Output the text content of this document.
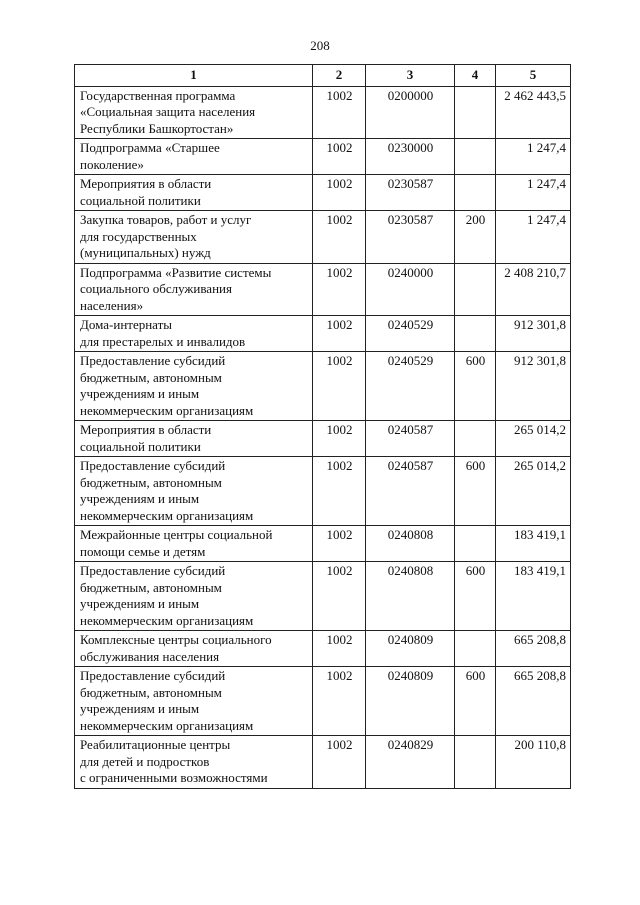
208
1	2	3	4	5

Государственная программа
«Социальная защита населения
Республики Башкортостан»	1002	0200000		2 462 443,5

Подпрограмма «Старшее
поколение»	1002	0230000		1 247,4

Мероприятия в области
социальной политики	1002	0230587		1 247,4

Закупка товаров, работ и услуг
для государственных
(муниципальных) нужд	1002	0230587	200	1 247,4

Подпрограмма «Развитие системы
социального обслуживания
населения»	1002	0240000		2 408 210,7

Дома-интернаты
для престарелых и инвалидов	1002	0240529		912 301,8

Предоставление субсидий
бюджетным, автономным
учреждениям и иным
некоммерческим организациям	1002	0240529	600	912 301,8

Мероприятия в области
социальной политики	1002	0240587		265 014,2

Предоставление субсидий
бюджетным, автономным
учреждениям и иным
некоммерческим организациям	1002	0240587	600	265 014,2

Межрайонные центры социальной
помощи семье и детям	1002	0240808		183 419,1

Предоставление субсидий
бюджетным, автономным
учреждениям и иным
некоммерческим организациям	1002	0240808	600	183 419,1

Комплексные центры социального
обслуживания населения	1002	0240809		665 208,8

Предоставление субсидий
бюджетным, автономным
учреждениям и иным
некоммерческим организациям	1002	0240809	600	665 208,8

Реабилитационные центры
для детей и подростков
с ограниченными возможностями	1002	0240829		200 110,8
